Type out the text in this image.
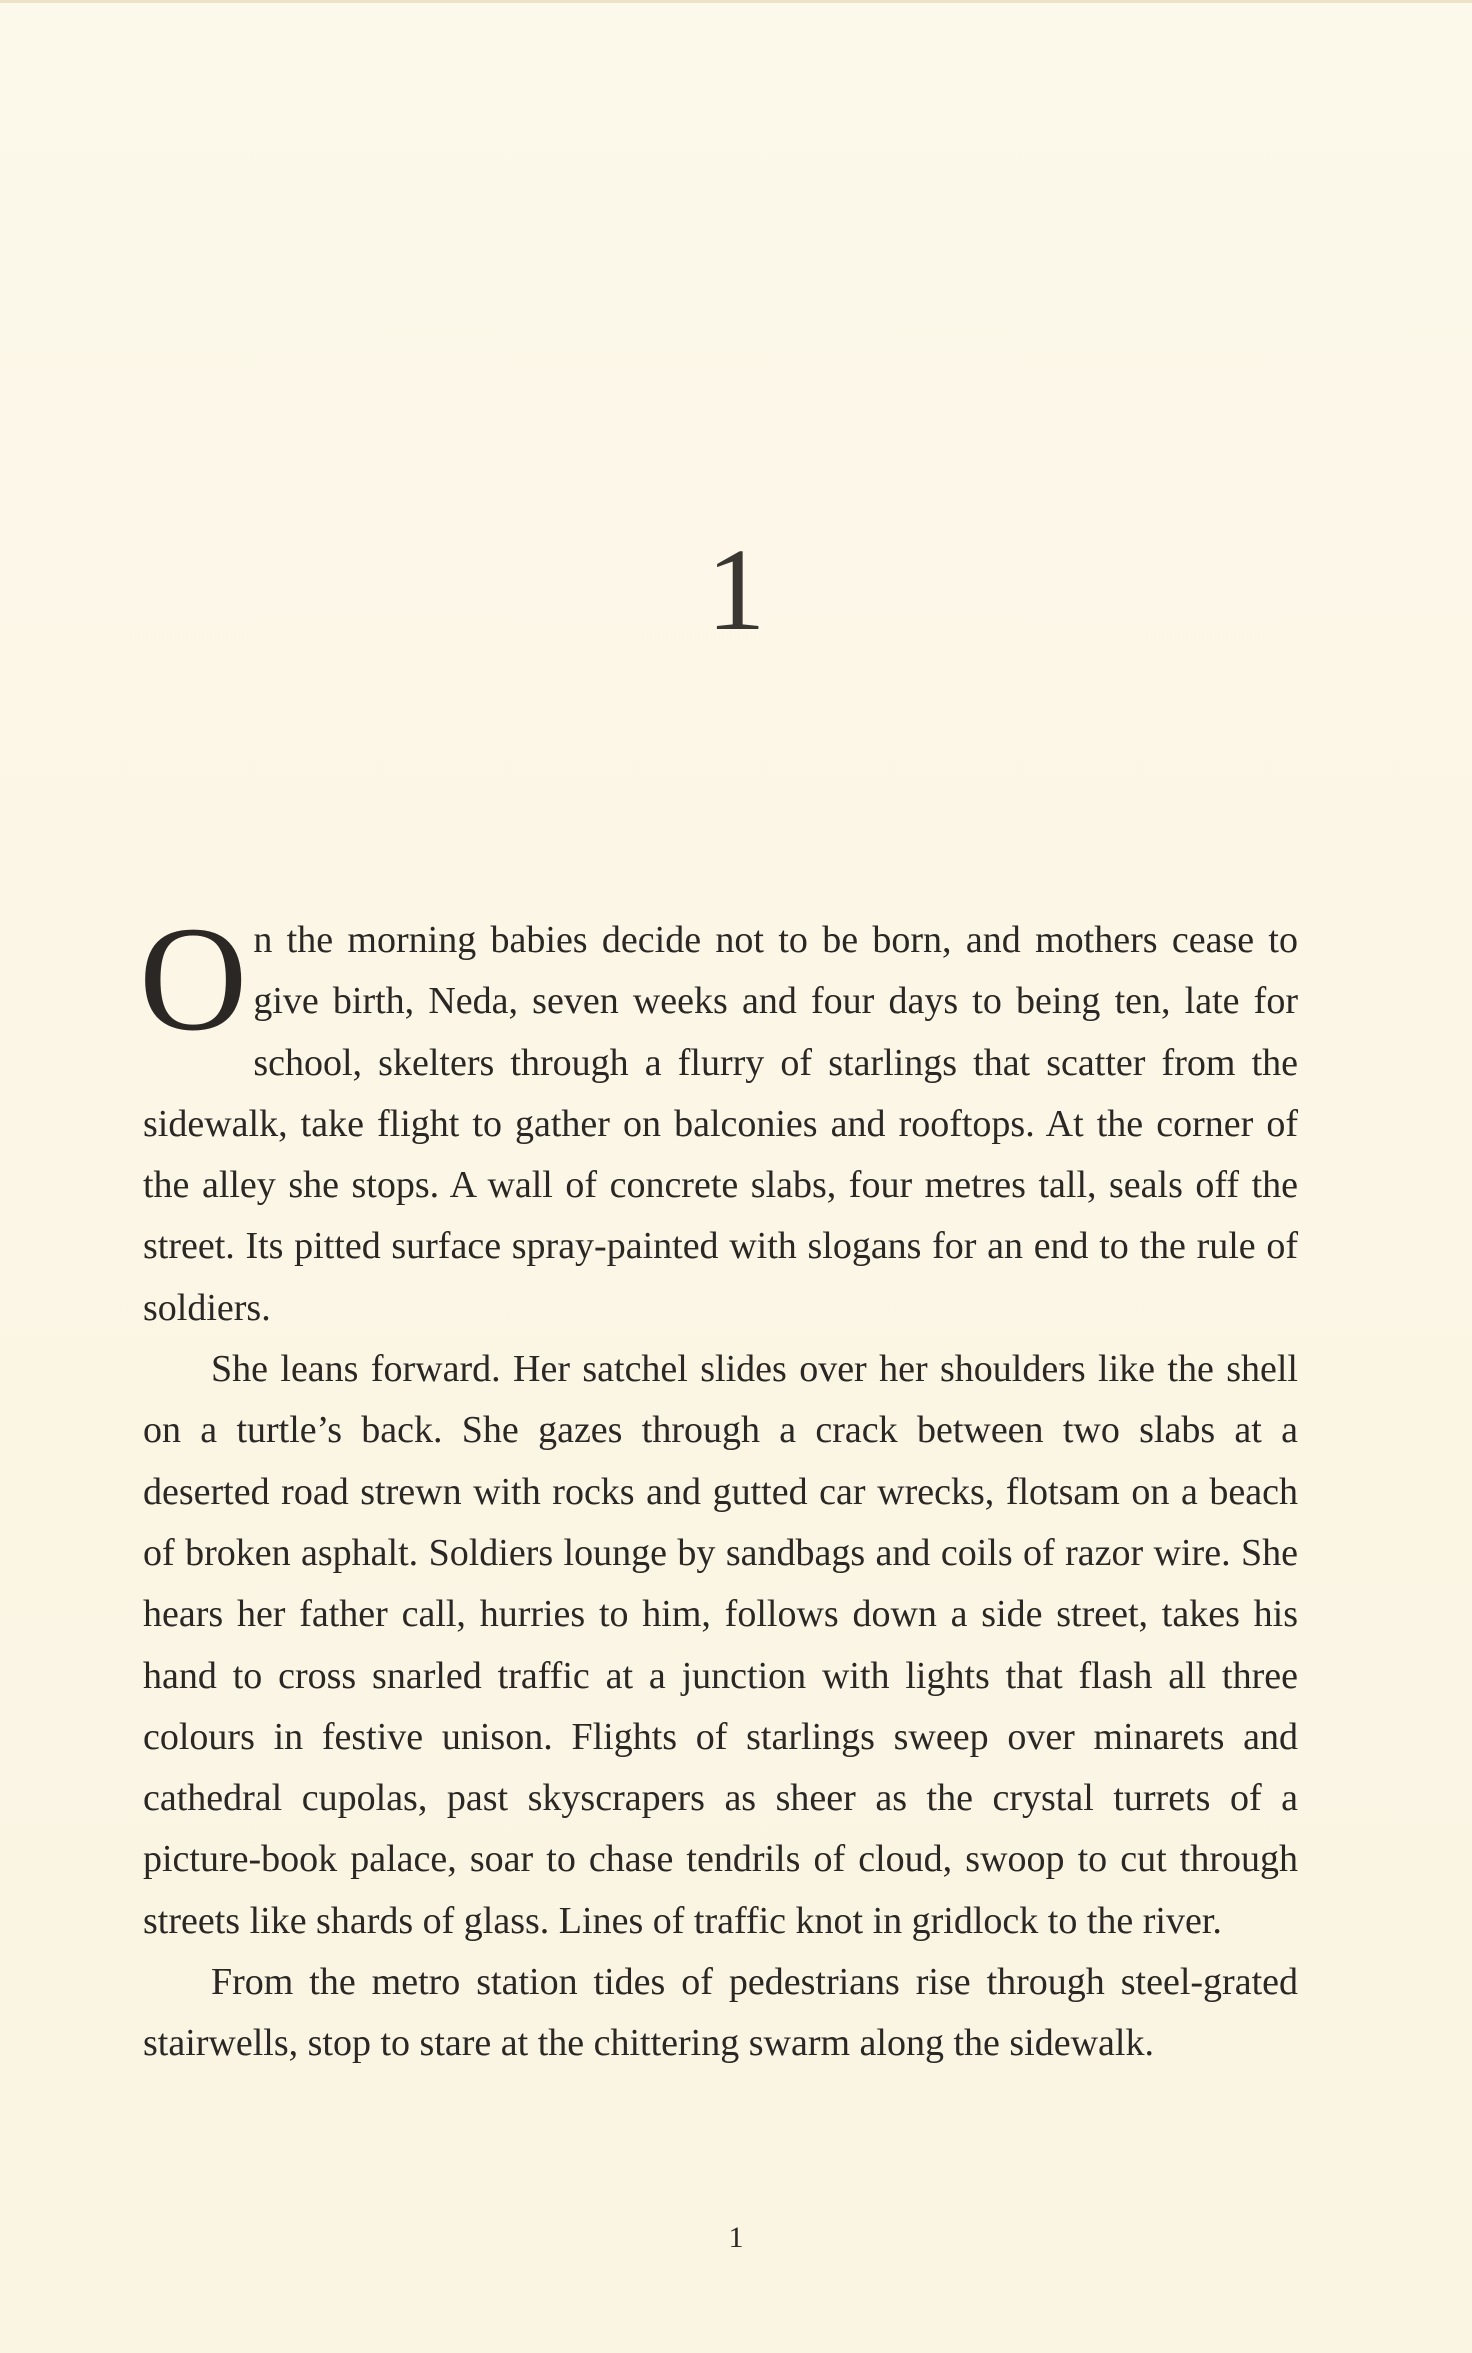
1

On the morning babies decide not to be born, and mothers cease to give birth, Neda, seven weeks and four days to being ten, late for school, skelters through a flurry of starlings that scatter from the sidewalk, take flight to gather on balconies and rooftops. At the corner of the alley she stops. A wall of concrete slabs, four metres tall, seals off the street. Its pitted surface spray-painted with slogans for an end to the rule of soldiers.

She leans forward. Her satchel slides over her shoulders like the shell on a turtle’s back. She gazes through a crack between two slabs at a deserted road strewn with rocks and gutted car wrecks, flotsam on a beach of broken asphalt. Soldiers lounge by sandbags and coils of razor wire. She hears her father call, hurries to him, follows down a side street, takes his hand to cross snarled traffic at a junction with lights that flash all three colours in festive unison. Flights of starlings sweep over minarets and cathedral cupolas, past skyscrapers as sheer as the crystal turrets of a picture-book palace, soar to chase tendrils of cloud, swoop to cut through streets like shards of glass. Lines of traffic knot in gridlock to the river.

From the metro station tides of pedestrians rise through steel-grated stairwells, stop to stare at the chittering swarm along the sidewalk.

1
